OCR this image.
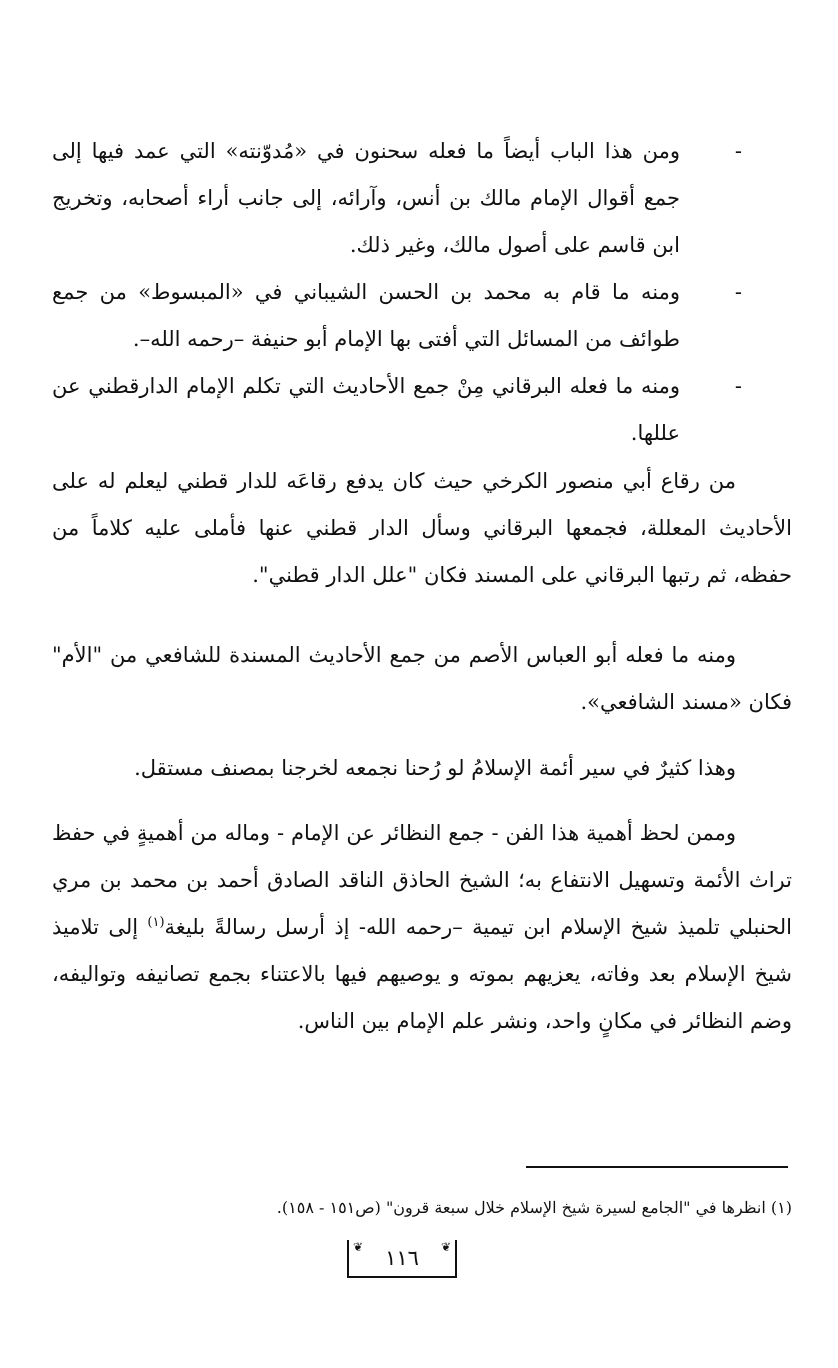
-
ومن هذا الباب أيضاً ما فعله سحنون في «مُدوّنته» التي عمد فيها إلى جمع أقوال الإمام مالك بن أنس، وآرائه، إلى جانب أراء أصحابه، وتخريج ابن قاسم على أصول مالك، وغير ذلك.
-
ومنه ما قام به محمد بن الحسن الشيباني في «المبسوط» من جمع طوائف من المسائل التي أفتى بها الإمام أبو حنيفة –رحمه الله–.
-
ومنه ما فعله البرقاني مِنْ جمع الأحاديث التي تكلم الإمام الدارقطني عن عللها.

من رقاع أبي منصور الكرخي حيث كان يدفع رقاعَه للدار قطني ليعلم له على الأحاديث المعللة، فجمعها البرقاني وسأل الدار قطني عنها فأملى عليه كلاماً من حفظه، ثم رتبها البرقاني على المسند فكان "علل الدار قطني".

ومنه ما فعله أبو العباس الأصم من جمع الأحاديث المسندة للشافعي من "الأم" فكان «مسند الشافعي».

وهذا كثيرٌ في سير أئمة الإسلامُ لو رُحنا نجمعه لخرجنا بمصنف مستقل.

وممن لحظ أهمية هذا الفن - جمع النظائر عن الإمام - وماله من أهميةٍ في حفظ تراث الأئمة وتسهيل الانتفاع به؛ الشيخ الحاذق الناقد الصادق أحمد بن محمد بن مري الحنبلي تلميذ شيخ الإسلام ابن تيمية –رحمه الله- إذ أرسل رسالةً بليغة$^{(١)}$ إلى تلاميذ شيخ الإسلام بعد وفاته، يعزيهم بموته و يوصيهم فيها بالاعتناء بجمع تصانيفه وتواليفه، وضم النظائر في مكانٍ واحد، ونشر علم الإمام بين الناس.

(١) انظرها في "الجامع لسيرة شيخ الإسلام خلال سبعة قرون" (ص١٥١ - ١٥٨).
❦
١١٦
❦
